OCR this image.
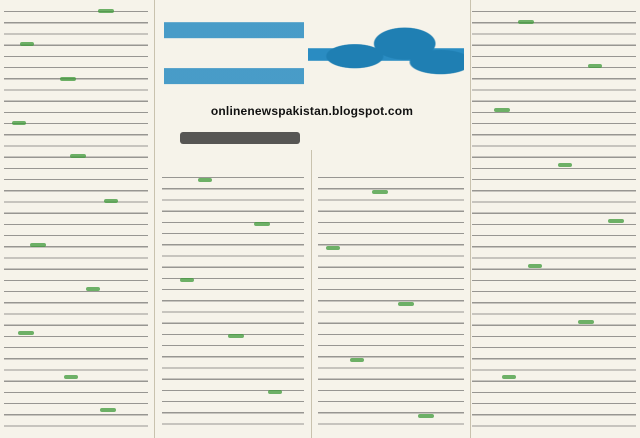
onlinenewspakistan.blogspot.com
